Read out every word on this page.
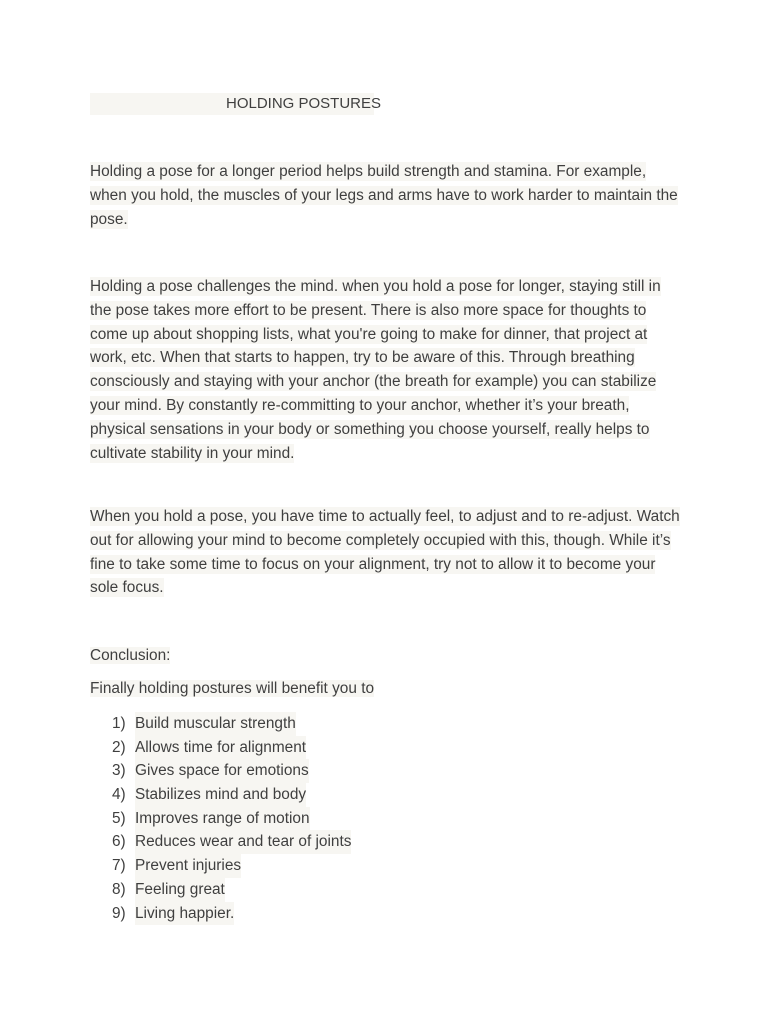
HOLDING POSTURES

Holding a pose for a longer period helps build strength and stamina. For example, when you hold, the muscles of your legs and arms have to work harder to maintain the pose.

Holding a pose challenges the mind. when you hold a pose for longer, staying still in the pose takes more effort to be present. There is also more space for thoughts to come up about shopping lists, what you're going to make for dinner, that project at work, etc. When that starts to happen, try to be aware of this. Through breathing consciously and staying with your anchor (the breath for example) you can stabilize your mind. By constantly re-committing to your anchor, whether it’s your breath, physical sensations in your body or something you choose yourself, really helps to cultivate stability in your mind.

When you hold a pose, you have time to actually feel, to adjust and to re-adjust. Watch out for allowing your mind to become completely occupied with this, though. While it’s fine to take some time to focus on your alignment, try not to allow it to become your sole focus.

Conclusion:
Finally holding postures will benefit you to
1) Build muscular strength
2) Allows time for alignment
3) Gives space for emotions
4) Stabilizes mind and body
5) Improves range of motion
6) Reduces wear and tear of joints
7) Prevent injuries
8) Feeling great
9) Living happier.
